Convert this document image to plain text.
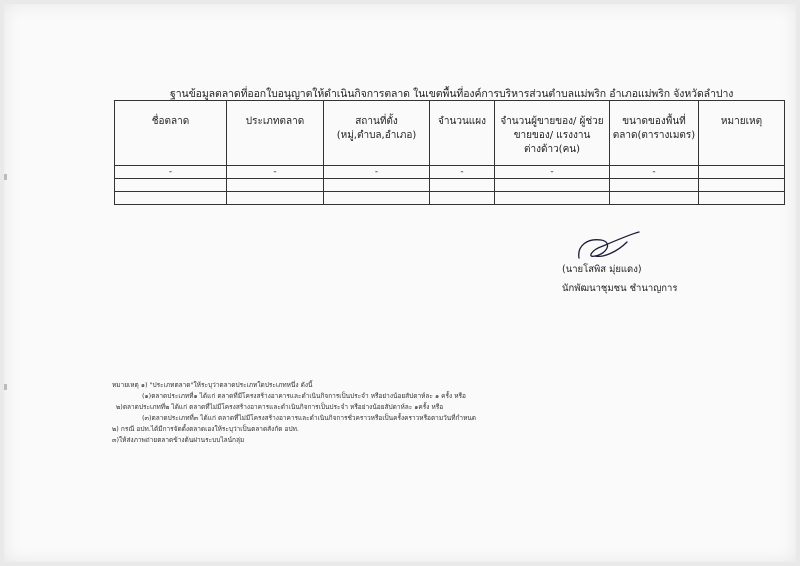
ฐานข้อมูลตลาดที่ออกใบอนุญาตให้ดำเนินกิจการตลาด ในเขตพื้นที่องค์การบริหารส่วนตำบลแม่พริก อำเภอแม่พริก จังหวัดลำปาง
ชื่อตลาด	ประเภทตลาด	สถานที่ตั้ง (หมู่,ตำบล,อำเภอ)	จำนวนแผง	จำนวนผู้ขายของ/ ผู้ช่วยขายของ/ แรงงานต่างด้าว(คน)	ขนาดของพื้นที่ ตลาด(ตารางเมตร)	หมายเหตุ
-	-	-	-	-	-	

(นายโสพิส มุ่ยแดง)
นักพัฒนาชุมชน ชำนาญการ
หมายเหตุ ๑) "ประเภทตลาด"ให้ระบุว่าตลาดประเภทใดประเภทหนึ่ง ดังนี้
(๑)ตลาดประเภทที่๑ ได้แก่ ตลาดที่มีโครงสร้างอาคารและดำเนินกิจการเป็นประจำ หรือย่างน้อยสัปดาห์ละ ๑ ครั้ง หรือ
๒)ตลาดประเภทที่๒ ได้แก่ ตลาดที่ไม่มีโครงสร้างอาคารและดำเนินกิจการเป็นประจำ หรือย่างน้อยสัปดาห์ละ ๑ครั้ง หรือ
(๓)ตลาดประเภทที่๓ ได้แก่ ตลาดที่ไม่มีโครงสร้างอาคารและดำเนินกิจการชั่วคราวหรือเป็นครั้งคราวหรือตามวันที่กำหนด
๒) กรณี อปท.ได้มีการจัดตั้งตลาดเองให้ระบุว่าเป็นตลาดสังกัด อปท.
๓)ให้ส่งภาพถ่ายตลาดข้างต้นผ่านระบบไลน์กลุ่ม
